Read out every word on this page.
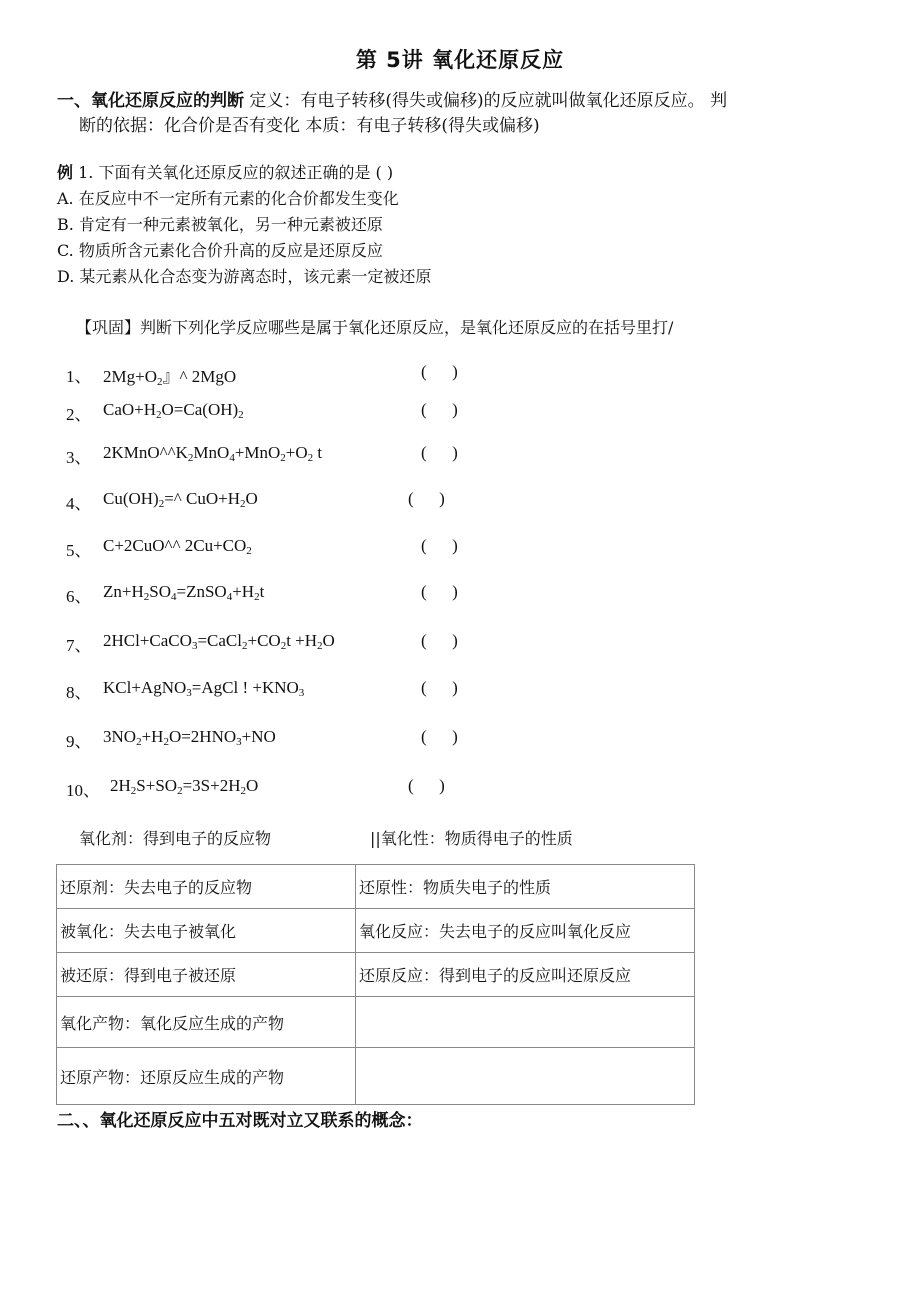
第 5讲 氧化还原反应
一、氧化还原反应的判断 定义：有电子转移(得失或偏移)的反应就叫做氧化还原反应。 判
断的依据：化合价是否有变化 本质：有电子转移(得失或偏移)
例 1. 下面有关氧化还原反应的叙述正确的是 ( )
A. 在反应中不一定所有元素的化合价都发生变化
B. 肯定有一种元素被氧化，另一种元素被还原
C. 物质所含元素化合价升高的反应是还原反应
D. 某元素从化合态变为游离态时，该元素一定被还原
【巩固】判断下列化学反应哪些是属于氧化还原反应，是氧化还原反应的在括号里打/
1、 $2Mg+O_2$』^ 2MgO	(      )
2、 $CaO+H_2O=Ca(OH)_2$	(      )
3、 $2KMnO\^{}\^{}K_2MnO_4+MnO_2+O_2$ t	(      )
4、 $Cu(OH)_2=\^{}$ $CuO+H_2O$	(      )
5、 C+2CuO^^ $2Cu+CO_2$	(      )
6、 $Zn+H_2SO_4=ZnSO_4+H_2t$	(      )
7、 $2HCl+CaCO_3=CaCl_2+CO_2t +H_2O$	(      )
8、 KCl+AgNO$_3$=AgCl ! $+KNO_3$	(      )
9、 $3NO_2+H_2O=2HNO_3+NO$	(      )
10、 $2H_2S+SO_2=3S+2H_2O$	(      )
氧化剂：得到电子的反应物	||氧化性：物质得电子的性质
还原剂：失去电子的反应物	还原性：物质失电子的性质
被氧化：失去电子被氧化	氧化反应：失去电子的反应叫氧化反应
被还原：得到电子被还原	还原反应：得到电子的反应叫还原反应
氧化产物：氧化反应生成的产物	
还原产物：还原反应生成的产物	
二、、氧化还原反应中五对既对立又联系的概念：
